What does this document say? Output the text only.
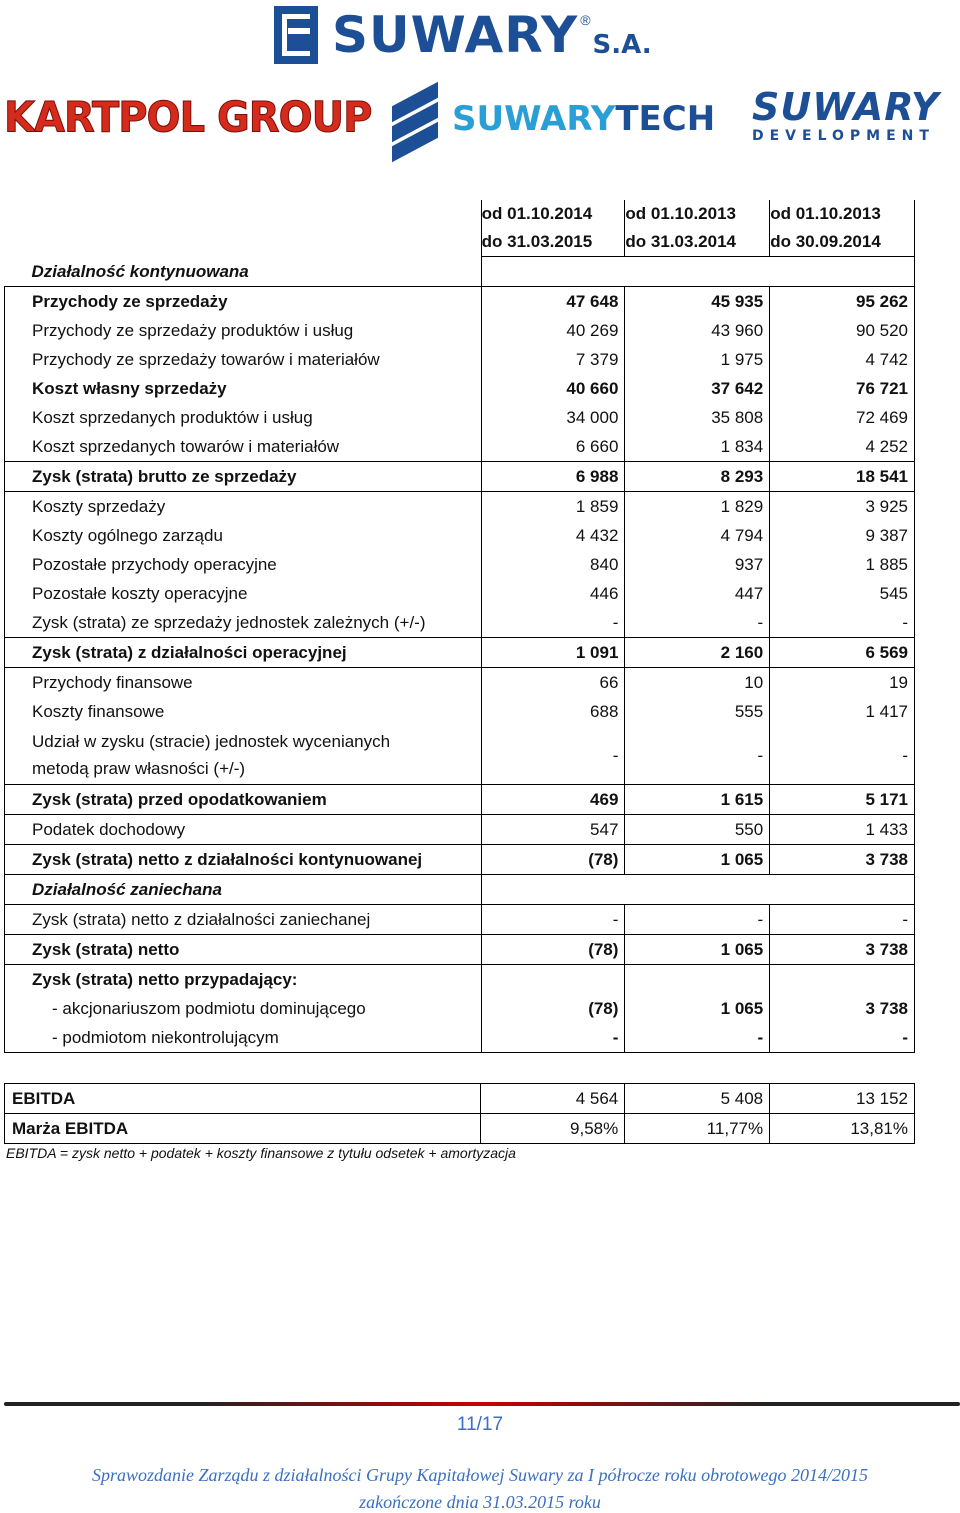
SUWARY ®
S.A.
KARTPOL GROUP SUWARYTECH SUWARY
DEVELOPMENT
	od 01.10.2014	od 01.10.2013	od 01.10.2013
	do 31.03.2015	do 31.03.2014	do 30.09.2014
Działalność kontynuowana			
Przychody ze sprzedaży	47 648	45 935	95 262
Przychody ze sprzedaży produktów i usług	40 269	43 960	90 520
Przychody ze sprzedaży towarów i materiałów	7 379	1 975	4 742
Koszt własny sprzedaży	40 660	37 642	76 721
Koszt sprzedanych produktów i usług	34 000	35 808	72 469
Koszt sprzedanych towarów i materiałów	6 660	1 834	4 252
Zysk (strata) brutto ze sprzedaży	6 988	8 293	18 541
Koszty sprzedaży	1 859	1 829	3 925
Koszty ogólnego zarządu	4 432	4 794	9 387
Pozostałe przychody operacyjne	840	937	1 885
Pozostałe koszty operacyjne	446	447	545
Zysk (strata) ze sprzedaży jednostek zależnych (+/-)	-	-	-
Zysk (strata) z działalności operacyjnej	1 091	2 160	6 569
Przychody finansowe	66	10	19
Koszty finansowe	688	555	1 417
Udział w zysku (stracie) jednostek wycenianych
metodą praw własności (+/-)	-	-	-
Zysk (strata) przed opodatkowaniem	469	1 615	5 171
Podatek dochodowy	547	550	1 433
Zysk (strata) netto z działalności kontynuowanej	(78)	1 065	3 738
Działalność zaniechana			
Zysk (strata) netto z działalności zaniechanej	-	-	-
Zysk (strata) netto	(78)	1 065	3 738
Zysk (strata) netto przypadający:			
- akcjonariuszom podmiotu dominującego	(78)	1 065	3 738
- podmiotom niekontrolującym	-	-	-
EBITDA	4 564	5 408	13 152
Marża EBITDA	9,58%	11,77%	13,81%
EBITDA = zysk netto + podatek + koszty finansowe z tytułu odsetek + amortyzacja
11/17
Sprawozdanie Zarządu z działalności Grupy Kapitałowej Suwary za I półrocze roku obrotowego 2014/2015
zakończone dnia 31.03.2015 roku
